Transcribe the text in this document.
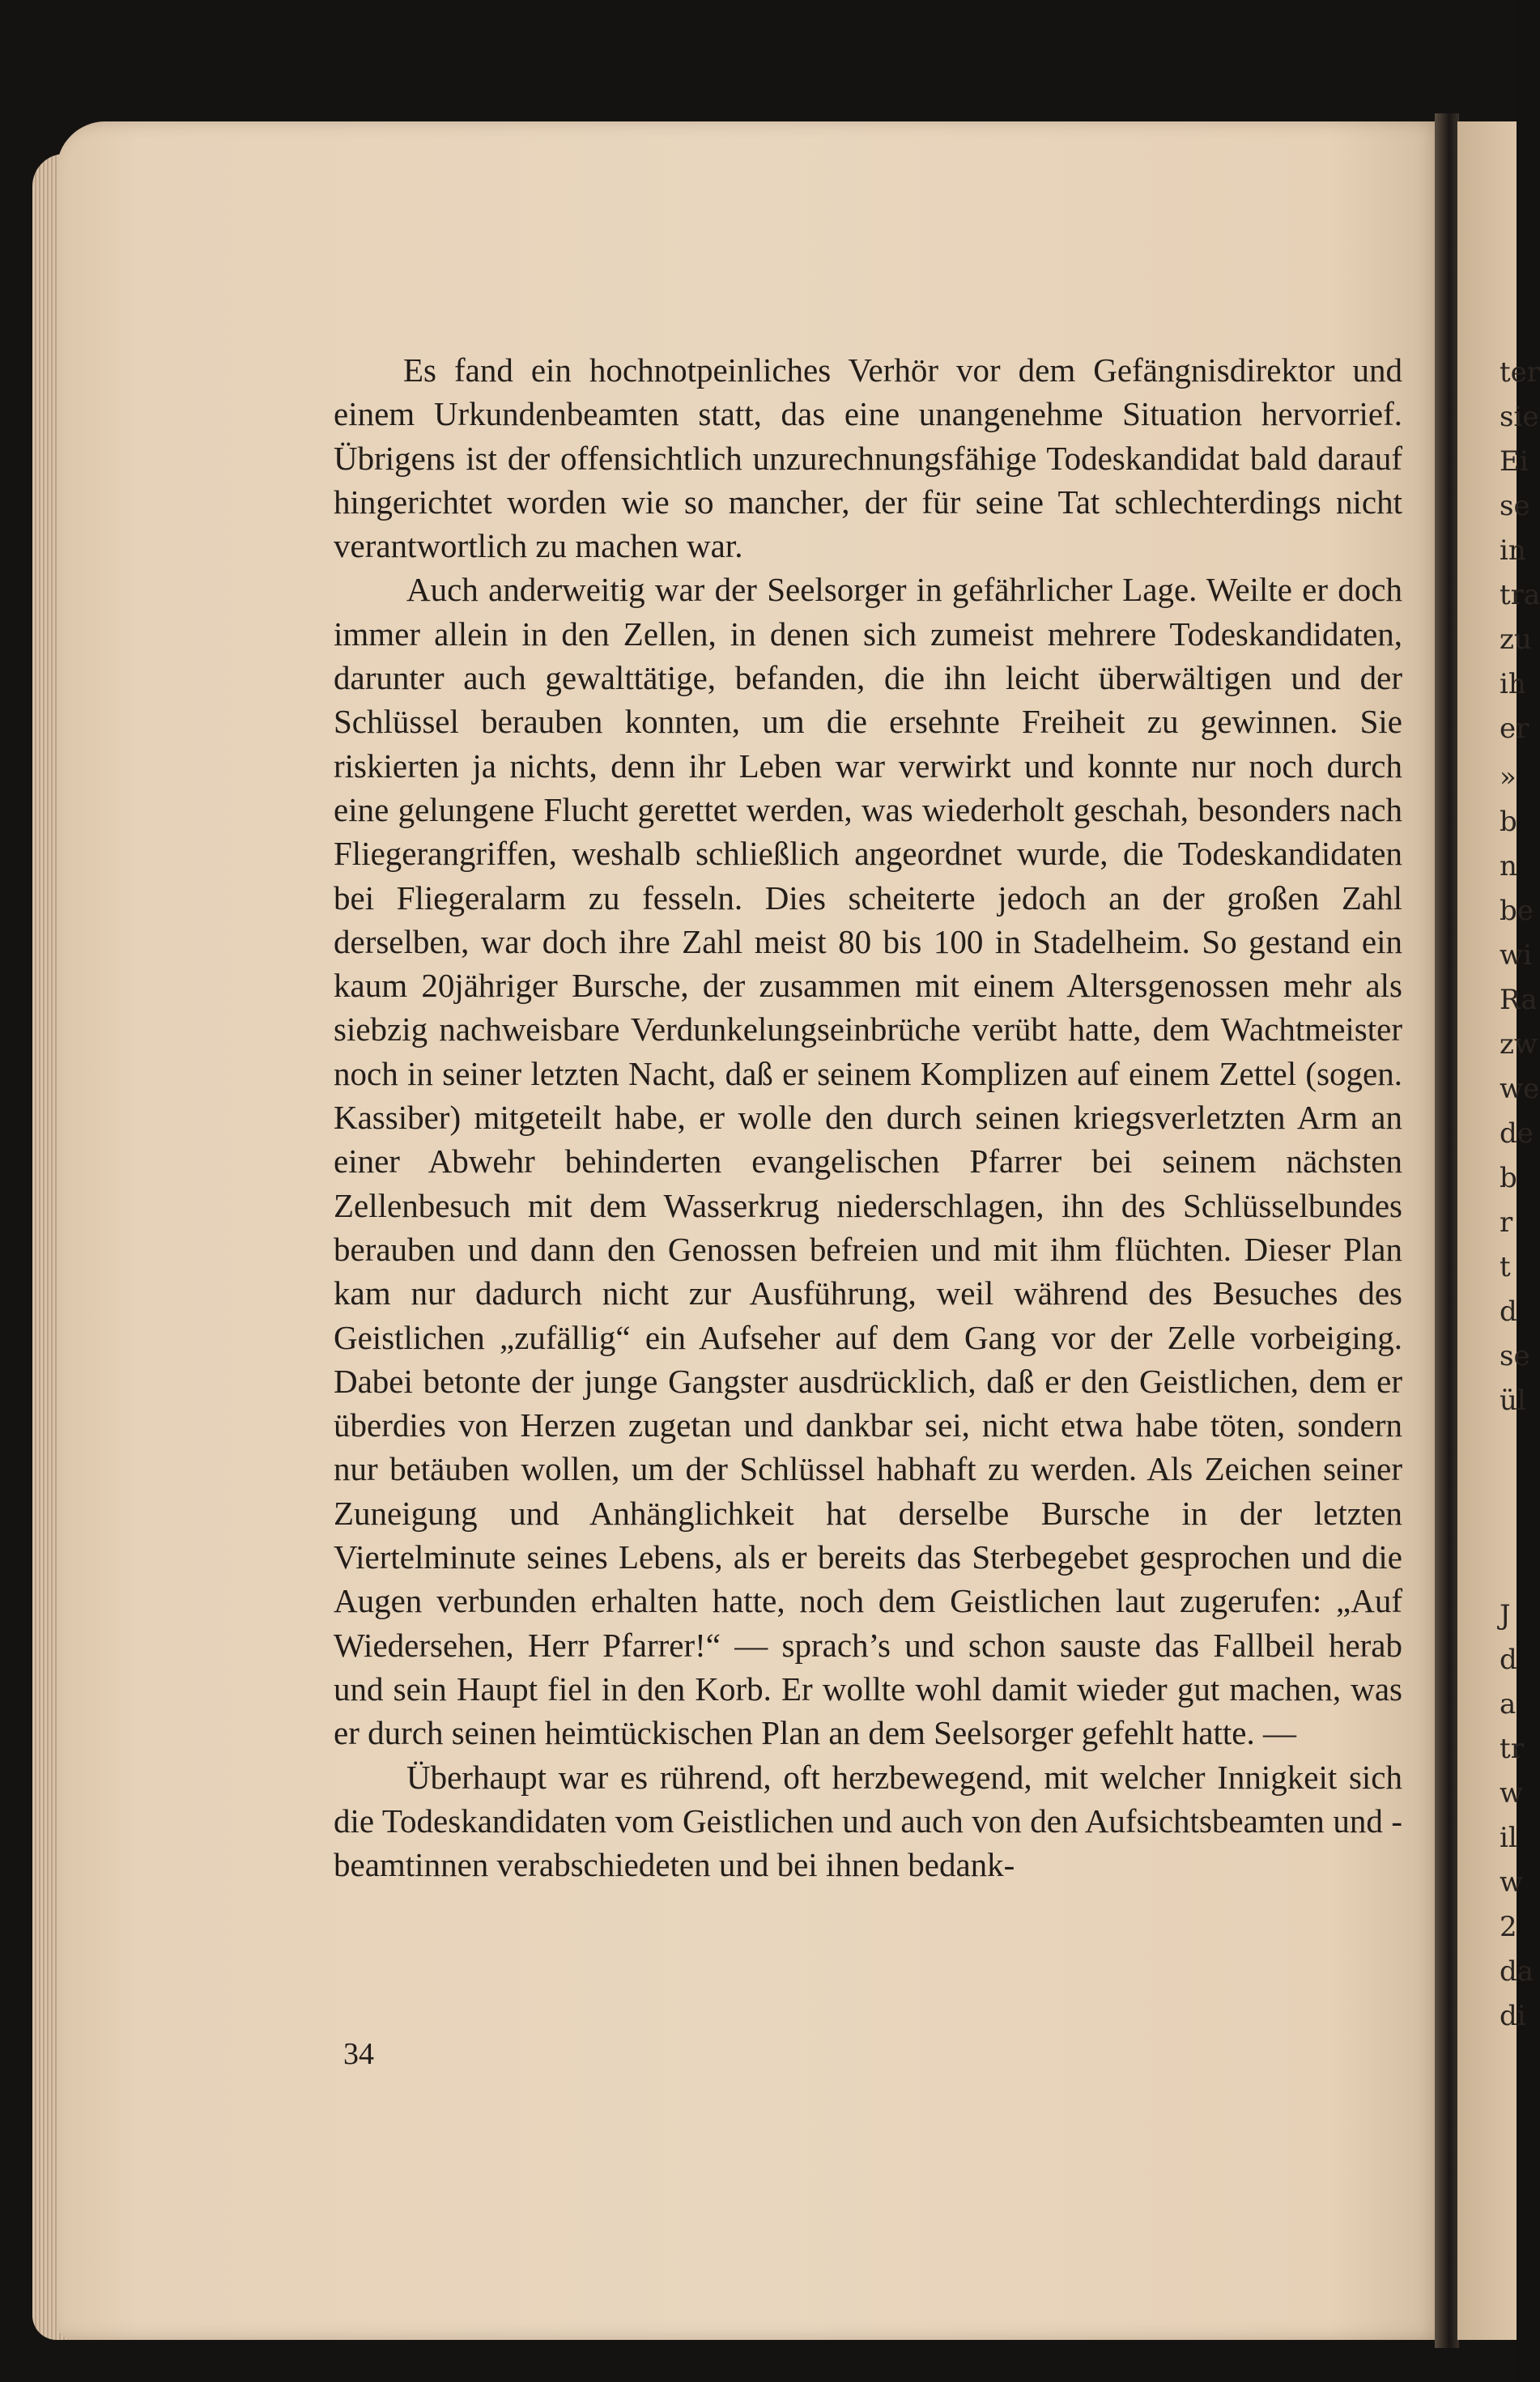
Es fand ein hochnotpeinliches Verhör vor dem Gefängnisdirektor und einem Urkundenbeamten statt, das eine unangenehme Situation hervorrief. Übrigens ist der offensichtlich unzurechnungsfähige Todeskandidat bald darauf hingerichtet worden wie so mancher, der für seine Tat schlechterdings nicht verantwortlich zu machen war.

Auch anderweitig war der Seelsorger in gefährlicher Lage. Weilte er doch immer allein in den Zellen, in denen sich zumeist mehrere Todeskandidaten, darunter auch gewalttätige, befanden, die ihn leicht überwältigen und der Schlüssel berauben konnten, um die ersehnte Freiheit zu gewinnen. Sie riskierten ja nichts, denn ihr Leben war verwirkt und konnte nur noch durch eine gelungene Flucht gerettet werden, was wiederholt geschah, besonders nach Fliegerangriffen, weshalb schließlich angeordnet wurde, die Todeskandidaten bei Fliegeralarm zu fesseln. Dies scheiterte jedoch an der großen Zahl derselben, war doch ihre Zahl meist 80 bis 100 in Stadelheim. So gestand ein kaum 20jähriger Bursche, der zusammen mit einem Altersgenossen mehr als siebzig nachweisbare Verdunkelungseinbrüche verübt hatte, dem Wachtmeister noch in seiner letzten Nacht, daß er seinem Komplizen auf einem Zettel (sogen. Kassiber) mitgeteilt habe, er wolle den durch seinen kriegsverletzten Arm an einer Abwehr behinderten evangelischen Pfarrer bei seinem nächsten Zellenbesuch mit dem Wasserkrug niederschlagen, ihn des Schlüsselbundes berauben und dann den Genossen befreien und mit ihm flüchten. Dieser Plan kam nur dadurch nicht zur Ausführung, weil während des Besuches des Geistlichen „zufällig“ ein Aufseher auf dem Gang vor der Zelle vorbeiging. Dabei betonte der junge Gangster ausdrücklich, daß er den Geistlichen, dem er überdies von Herzen zugetan und dankbar sei, nicht etwa habe töten, sondern nur betäuben wollen, um der Schlüssel habhaft zu werden. Als Zeichen seiner Zuneigung und Anhänglichkeit hat derselbe Bursche in der letzten Viertelminute seines Lebens, als er bereits das Sterbegebet gesprochen und die Augen verbunden erhalten hatte, noch dem Geistlichen laut zugerufen: „Auf Wiedersehen, Herr Pfarrer!“ — sprach’s und schon sauste das Fallbeil herab und sein Haupt fiel in den Korb. Er wollte wohl damit wieder gut machen, was er durch seinen heimtückischen Plan an dem Seelsorger gefehlt hatte. —

Überhaupt war es rührend, oft herzbewegend, mit welcher Innigkeit sich die Todeskandidaten vom Geistlichen und auch von den Aufsichtsbeamten und -beamtinnen verabschiedeten und bei ihnen bedank-

34
ter
sie
Ei
se
in
tra
zu
ih
er
»
b
n
be
wi
Ra
zw
we
de
b
r
t
d
se
ül
J
d
a
tr
w
il
w
2
da
di
